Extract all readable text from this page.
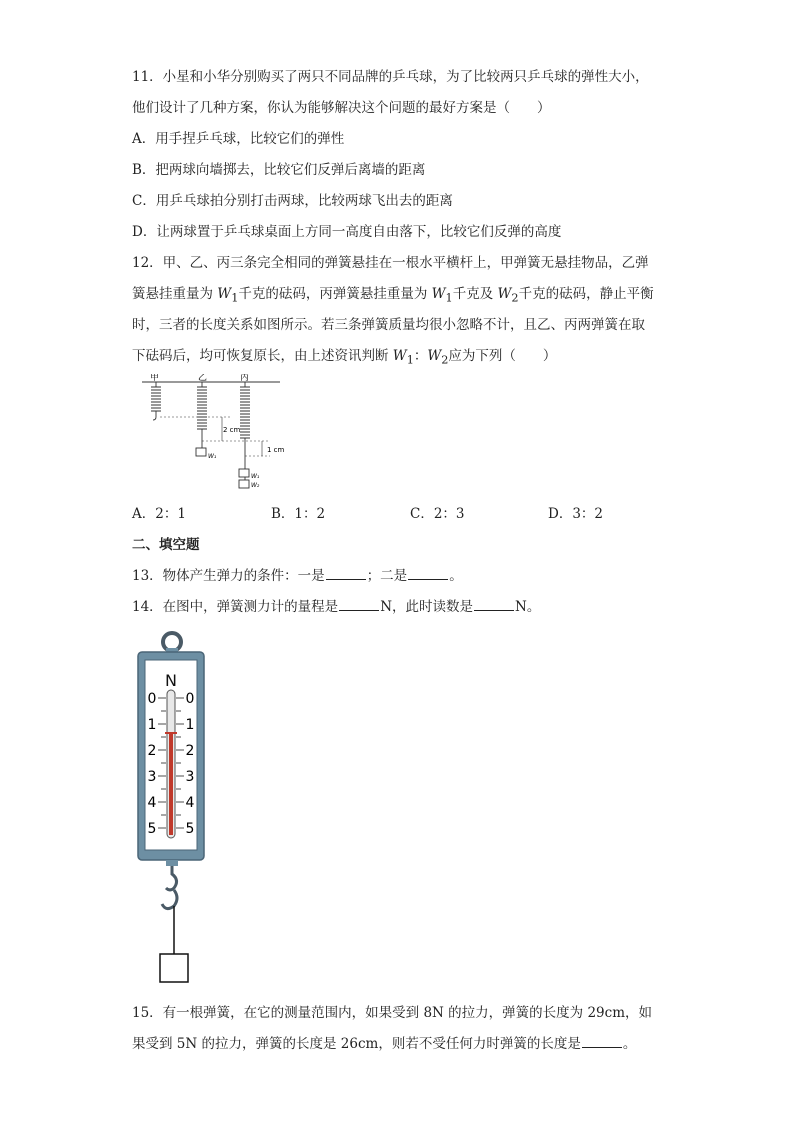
11．小星和小华分别购买了两只不同品牌的乒乓球，为了比较两只乒乓球的弹性大小，
他们设计了几种方案，你认为能够解决这个问题的最好方案是（　　）
A．用手捏乒乓球，比较它们的弹性
B．把两球向墙掷去，比较它们反弹后离墙的距离
C．用乒乓球拍分别打击两球，比较两球飞出去的距离
D．让两球置于乒乓球桌面上方同一高度自由落下，比较它们反弹的高度
12．甲、乙、丙三条完全相同的弹簧悬挂在一根水平横杆上，甲弹簧无悬挂物品，乙弹
簧悬挂重量为 $W_1$千克的砝码，丙弹簧悬挂重量为 $W_1$千克及 $W_2$千克的砝码，静止平衡
时，三者的长度关系如图所示。若三条弹簧质量均很小忽略不计，且乙、丙两弹簧在取
下砝码后，均可恢复原长，由上述资讯判断 $W_1$：$W_2$应为下列（　　）
甲	乙	丙
W₁
W₁
W₂
2 cm
1 cm
A．2：1	B．1：2	C．2：3	D．3：2
二、填空题
13．物体产生弹力的条件：一是	；二是	。
14．在图中，弹簧测力计的量程是	N，此时读数是	N。
N
0
1
2
3
4
5
0
1
2
3
4
5
15．有一根弹簧，在它的测量范围内，如果受到 8N 的拉力，弹簧的长度为 29cm，如
果受到 5N 的拉力，弹簧的长度是 26cm，则若不受任何力时弹簧的长度是	。
